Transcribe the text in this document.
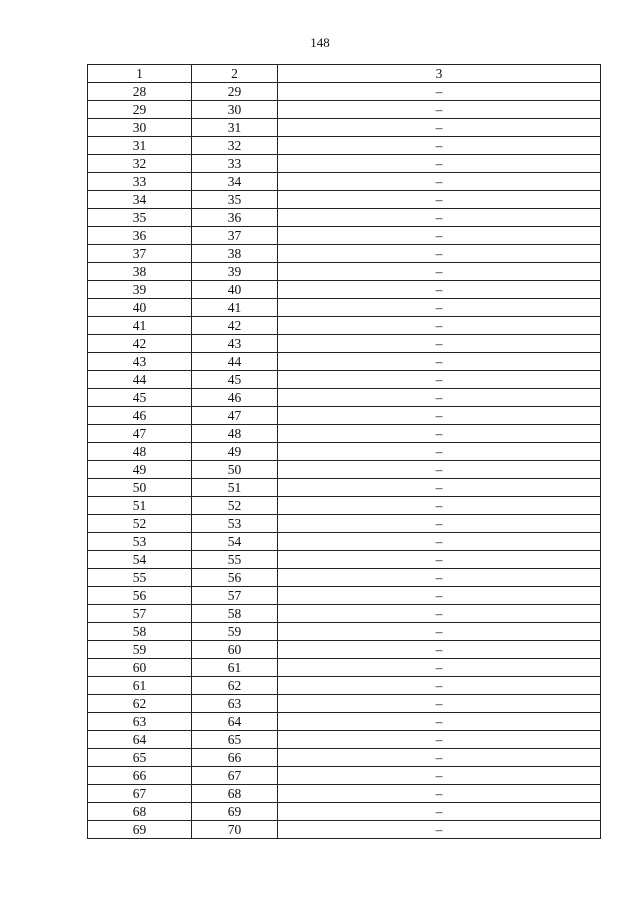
148
1	2	3
28	29	–
29	30	–
30	31	–
31	32	–
32	33	–
33	34	–
34	35	–
35	36	–
36	37	–
37	38	–
38	39	–
39	40	–
40	41	–
41	42	–
42	43	–
43	44	–
44	45	–
45	46	–
46	47	–
47	48	–
48	49	–
49	50	–
50	51	–
51	52	–
52	53	–
53	54	–
54	55	–
55	56	–
56	57	–
57	58	–
58	59	–
59	60	–
60	61	–
61	62	–
62	63	–
63	64	–
64	65	–
65	66	–
66	67	–
67	68	–
68	69	–
69	70	–
